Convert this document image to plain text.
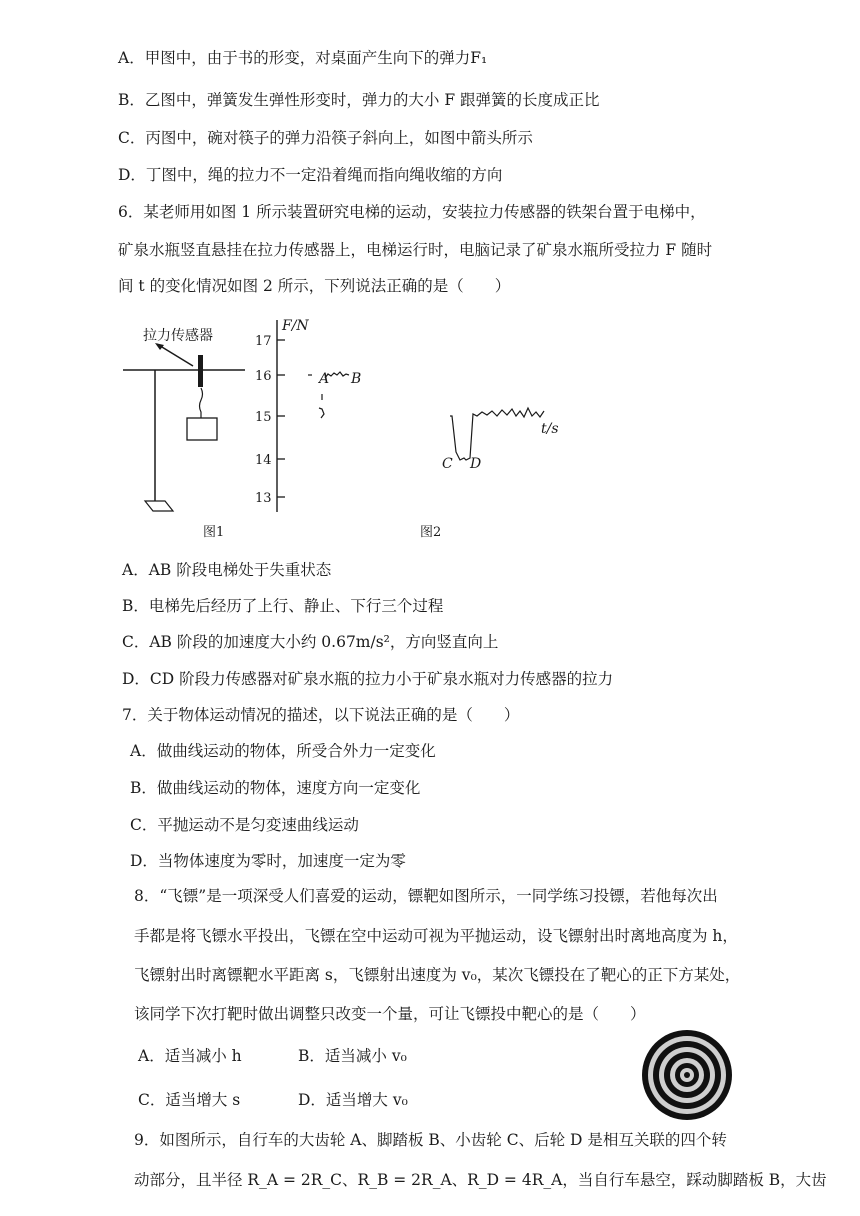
A．甲图中，由于书的形变，对桌面产生向下的弹力F₁
B．乙图中，弹簧发生弹性形变时，弹力的大小 F 跟弹簧的长度成正比
C．丙图中，碗对筷子的弹力沿筷子斜向上，如图中箭头所示
D．丁图中，绳的拉力不一定沿着绳而指向绳收缩的方向
6．某老师用如图 1 所示装置研究电梯的运动，安装拉力传感器的铁架台置于电梯中，
矿泉水瓶竖直悬挂在拉力传感器上，电梯运行时，电脑记录了矿泉水瓶所受拉力 F 随时
间 t 的变化情况如图 2 所示，下列说法正确的是（　　）
拉力传感器
图1
F/N
17
16
15
14
13
A B
C D
t/s
图2
A．AB 阶段电梯处于失重状态
B．电梯先后经历了上行、静止、下行三个过程
C．AB 阶段的加速度大小约 0.67m/s²，方向竖直向上
D．CD 阶段力传感器对矿泉水瓶的拉力小于矿泉水瓶对力传感器的拉力
7．关于物体运动情况的描述，以下说法正确的是（　　）
A．做曲线运动的物体，所受合外力一定变化
B．做曲线运动的物体，速度方向一定变化
C．平抛运动不是匀変速曲线运动
D．当物体速度为零时，加速度一定为零
8．“飞镖”是一项深受人们喜爱的运动，镖靶如图所示，一同学练习投镖，若他每次出
手都是将飞镖水平投出，飞镖在空中运动可视为平抛运动，设飞镖射出时离地高度为 h，
飞镖射出时离镖靶水平距离 s，飞镖射出速度为 v₀，某次飞镖投在了靶心的正下方某处，
该同学下次打靶时做出调整只改变一个量，可让飞镖投中靶心的是（　　）
A．适当减小 h	B．适当减小 v₀
C．适当增大 s	D．适当增大 v₀
9．如图所示，自行车的大齿轮 A、脚踏板 B、小齿轮 C、后轮 D 是相互关联的四个转
动部分，且半径 R_A = 2R_C、R_B = 2R_A、R_D = 4R_A，当自行车悬空，踩动脚踏板 B，大齿
